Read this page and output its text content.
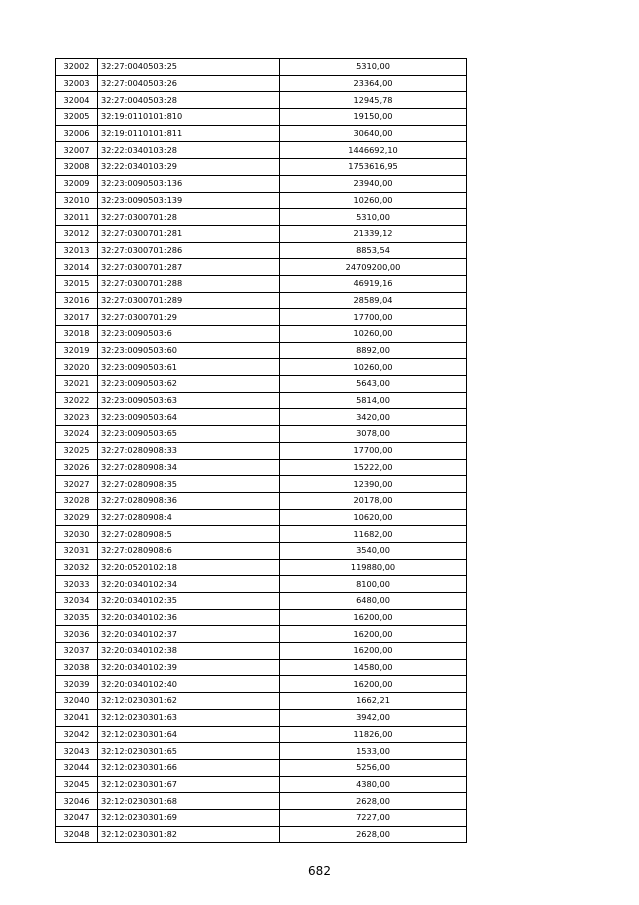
32002	32:27:0040503:25	5310,00
32003	32:27:0040503:26	23364,00
32004	32:27:0040503:28	12945,78
32005	32:19:0110101:810	19150,00
32006	32:19:0110101:811	30640,00
32007	32:22:0340103:28	1446692,10
32008	32:22:0340103:29	1753616,95
32009	32:23:0090503:136	23940,00
32010	32:23:0090503:139	10260,00
32011	32:27:0300701:28	5310,00
32012	32:27:0300701:281	21339,12
32013	32:27:0300701:286	8853,54
32014	32:27:0300701:287	24709200,00
32015	32:27:0300701:288	46919,16
32016	32:27:0300701:289	28589,04
32017	32:27:0300701:29	17700,00
32018	32:23:0090503:6	10260,00
32019	32:23:0090503:60	8892,00
32020	32:23:0090503:61	10260,00
32021	32:23:0090503:62	5643,00
32022	32:23:0090503:63	5814,00
32023	32:23:0090503:64	3420,00
32024	32:23:0090503:65	3078,00
32025	32:27:0280908:33	17700,00
32026	32:27:0280908:34	15222,00
32027	32:27:0280908:35	12390,00
32028	32:27:0280908:36	20178,00
32029	32:27:0280908:4	10620,00
32030	32:27:0280908:5	11682,00
32031	32:27:0280908:6	3540,00
32032	32:20:0520102:18	119880,00
32033	32:20:0340102:34	8100,00
32034	32:20:0340102:35	6480,00
32035	32:20:0340102:36	16200,00
32036	32:20:0340102:37	16200,00
32037	32:20:0340102:38	16200,00
32038	32:20:0340102:39	14580,00
32039	32:20:0340102:40	16200,00
32040	32:12:0230301:62	1662,21
32041	32:12:0230301:63	3942,00
32042	32:12:0230301:64	11826,00
32043	32:12:0230301:65	1533,00
32044	32:12:0230301:66	5256,00
32045	32:12:0230301:67	4380,00
32046	32:12:0230301:68	2628,00
32047	32:12:0230301:69	7227,00
32048	32:12:0230301:82	2628,00
682
